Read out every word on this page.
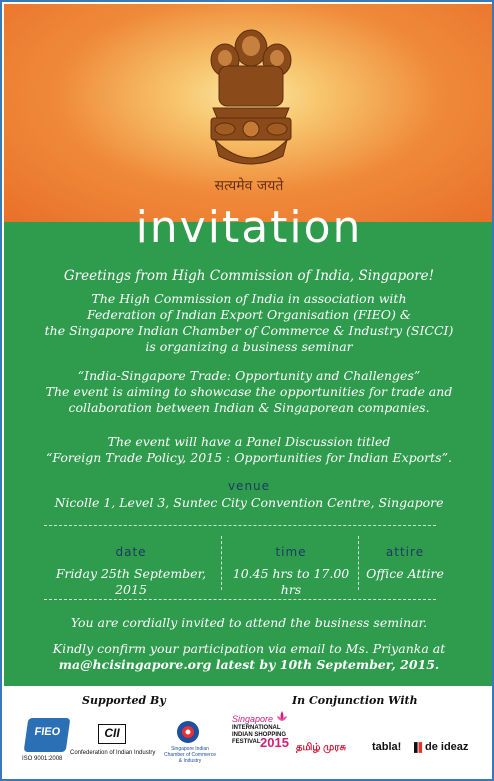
सत्यमेव जयते
invitation
Greetings from High Commission of India, Singapore!
The High Commission of India in association with
Federation of Indian Export Organisation (FIEO) &
the Singapore Indian Chamber of Commerce & Industry (SICCI)
is organizing a business seminar
“India-Singapore Trade: Opportunity and Challenges”
The event is aiming to showcase the opportunities for trade and
collaboration between Indian & Singaporean companies.
The event will have a Panel Discussion titled
“Foreign Trade Policy, 2015 : Opportunities for Indian Exports”.
venue
Nicolle 1, Level 3, Suntec City Convention Centre, Singapore
date
Friday 25th September, 2015
time
10.45 hrs to 17.00 hrs
attire
Office Attire
You are cordially invited to attend the business seminar.
Kindly confirm your participation via email to Ms. Priyanka at
ma@hcisingapore.org latest by 10th September, 2015.
Supported By	In Conjunction With
FIEO
ISO 9001:2008
CII
Confederation of Indian Industry
Singapore Indian Chamber of Commerce & Industry
Singapore
INTERNATIONAL
INDIAN SHOPPING
FESTIVAL 2015 தமிழ் முரசு tabla! de ideaz
